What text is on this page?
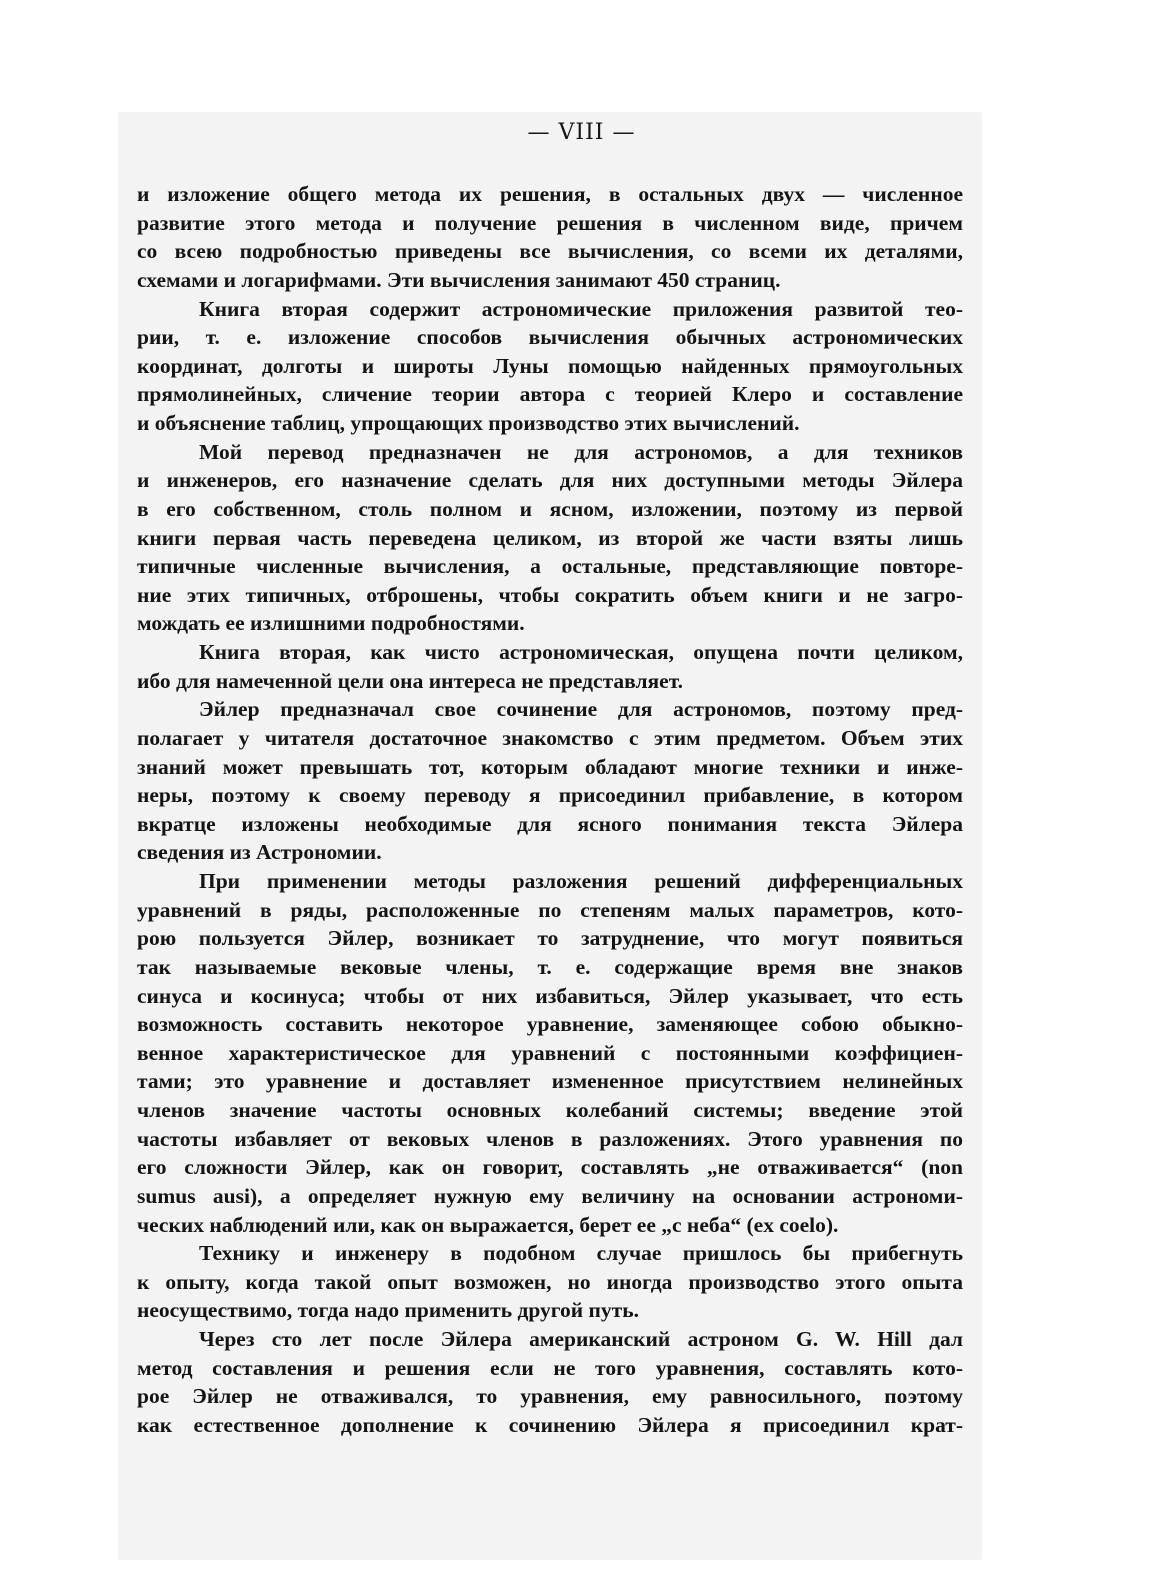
— VIII —
и изложение общего метода их решения, в остальных двух — численное
развитие этого метода и получение решения в численном виде, причем
со всею подробностью приведены все вычисления, со всеми их деталями,
схемами и логарифмами. Эти вычисления занимают 450 страниц.
Книга вторая содержит астрономические приложения развитой тео-
рии, т. е. изложение способов вычисления обычных астрономических
координат, долготы и широты Луны помощью найденных прямоугольных
прямолинейных, сличение теории автора с теорией Клеро и составление
и объяснение таблиц, упрощающих производство этих вычислений.
Мой перевод предназначен не для астрономов, а для техников
и инженеров, его назначение сделать для них доступными методы Эйлера
в его собственном, столь полном и ясном, изложении, поэтому из первой
книги первая часть переведена целиком, из второй же части взяты лишь
типичные численные вычисления, а остальные, представляющие повторе-
ние этих типичных, отброшены, чтобы сократить объем книги и не загро-
мождать ее излишними подробностями.
Книга вторая, как чисто астрономическая, опущена почти целиком,
ибо для намеченной цели она интереса не представляет.
Эйлер предназначал свое сочинение для астрономов, поэтому пред-
полагает у читателя достаточное знакомство с этим предметом. Объем этих
знаний может превышать тот, которым обладают многие техники и инже-
неры, поэтому к своему переводу я присоединил прибавление, в котором
вкратце изложены необходимые для ясного понимания текста Эйлера
сведения из Астрономии.
При применении методы разложения решений дифференциальных
уравнений в ряды, расположенные по степеням малых параметров, кото-
рою пользуется Эйлер, возникает то затруднение, что могут появиться
так называемые вековые члены, т. е. содержащие время вне знаков
синуса и косинуса; чтобы от них избавиться, Эйлер указывает, что есть
возможность составить некоторое уравнение, заменяющее собою обыкно-
венное характеристическое для уравнений с постоянными коэффициен-
тами; это уравнение и доставляет измененное присутствием нелинейных
членов значение частоты основных колебаний системы; введение этой
частоты избавляет от вековых членов в разложениях. Этого уравнения по
его сложности Эйлер, как он говорит, составлять „не отваживается“ (non
sumus ausi), а определяет нужную ему величину на основании астрономи-
ческих наблюдений или, как он выражается, берет ее „с неба“ (ex coelo).
Технику и инженеру в подобном случае пришлось бы прибегнуть
к опыту, когда такой опыт возможен, но иногда производство этого опыта
неосуществимо, тогда надо применить другой путь.
Через сто лет после Эйлера американский астроном G. W. Hill дал
метод составления и решения если не того уравнения, составлять кото-
рое Эйлер не отваживался, то уравнения, ему равносильного, поэтому
как естественное дополнение к сочинению Эйлера я присоединил крат-
